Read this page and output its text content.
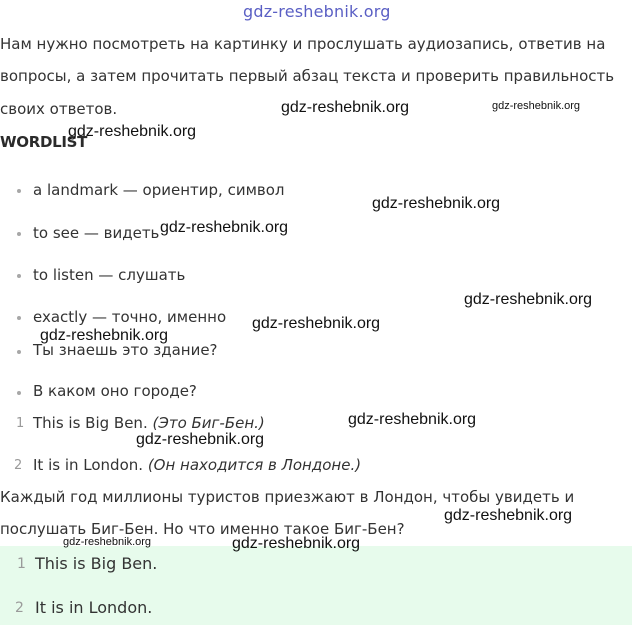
gdz-reshebnik.org
Нам нужно посмотреть на картинку и прослушать аудиозапись, ответив на
вопросы, а затем прочитать первый абзац текста и проверить правильность
своих ответов.
WORDLIST
a landmark — ориентир, символ
to see — видеть
to listen — слушать
exactly — точно, именно
Ты знаешь это здание?
В каком оно городе?
1 This is Big Ben. (Это Биг-Бен.)
2 It is in London. (Он находится в Лондоне.)
Каждый год миллионы туристов приезжают в Лондон, чтобы увидеть и
послушать Биг-Бен. Но что именно такое Биг-Бен?
1 This is Big Ben.
2 It is in London.
gdz-reshebnik.org	gdz-reshebnik.org
gdz-reshebnik.org
gdz-reshebnik.org
gdz-reshebnik.org
gdz-reshebnik.org
gdz-reshebnik.org
gdz-reshebnik.org
gdz-reshebnik.org
gdz-reshebnik.org
gdz-reshebnik.org
gdz-reshebnik.org	gdz-reshebnik.org
